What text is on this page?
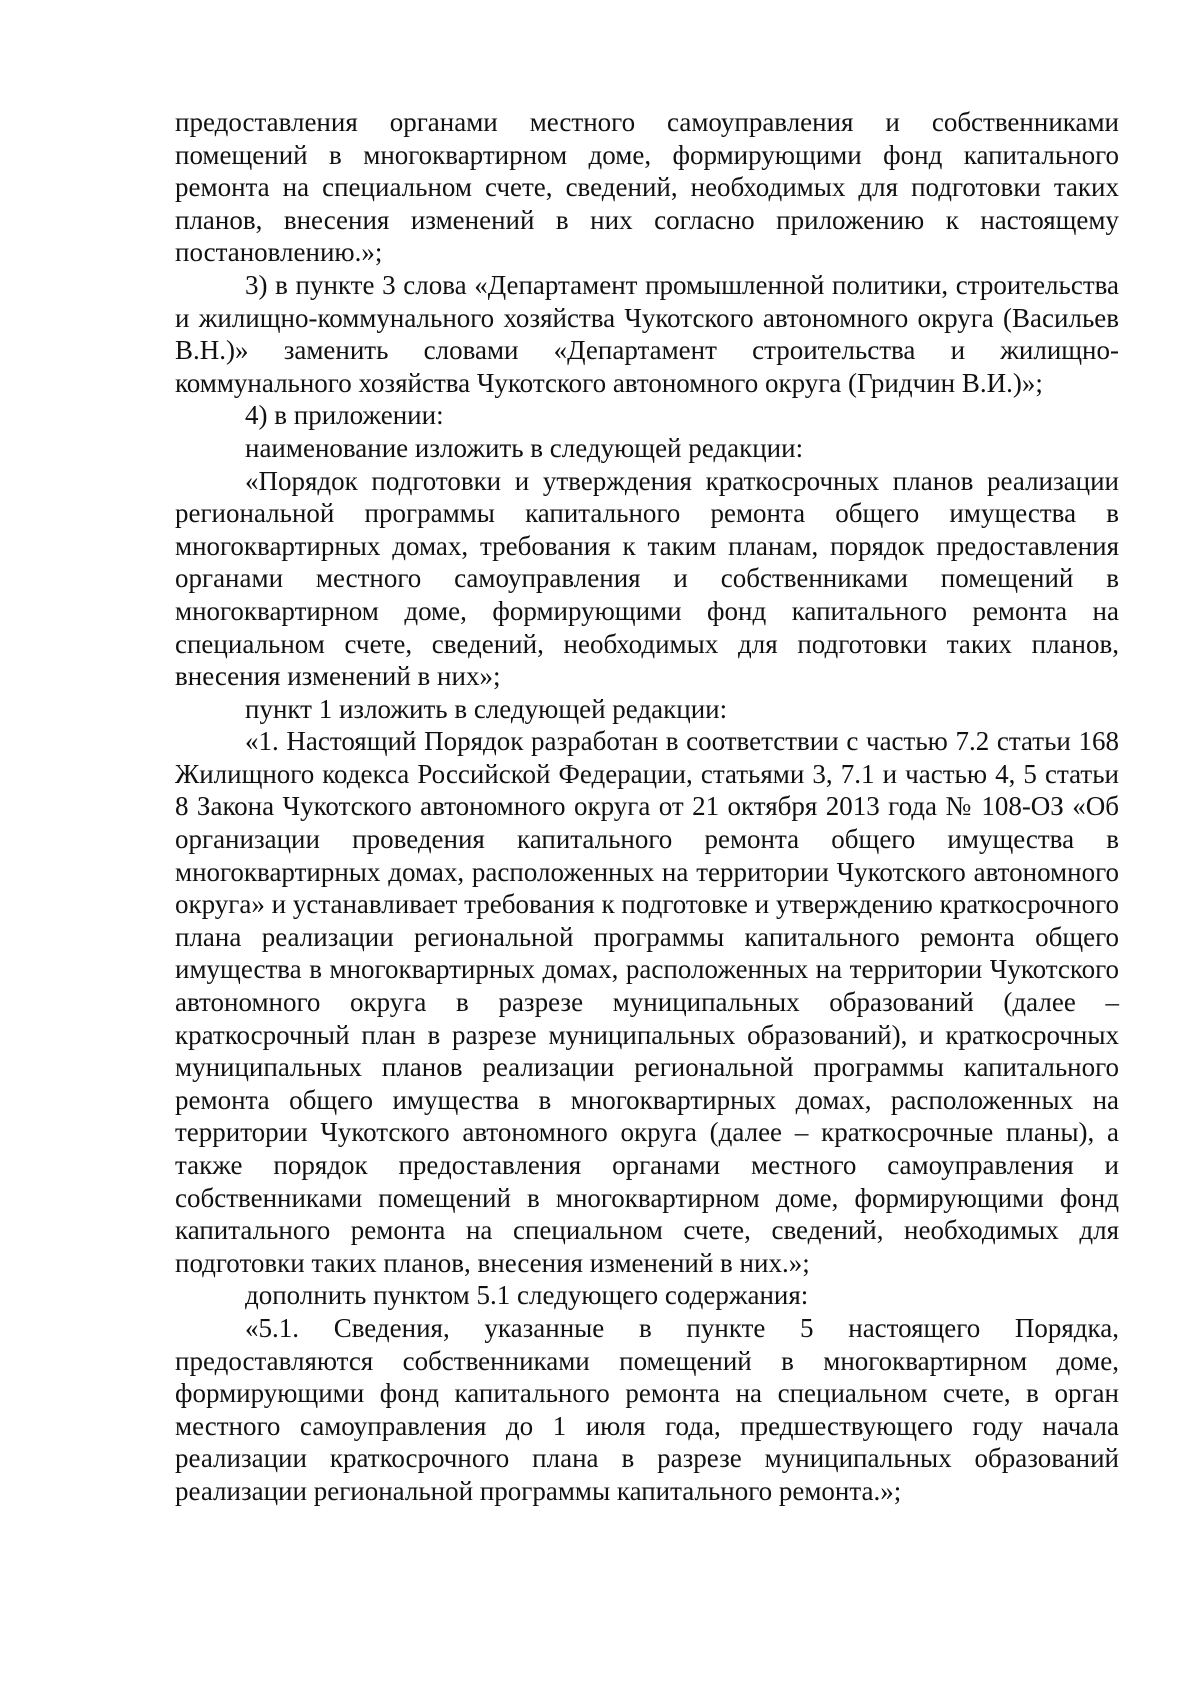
предоставления органами местного самоуправления и собственниками помещений в многоквартирном доме, формирующими фонд капитального ремонта на специальном счете, сведений, необходимых для подготовки таких планов, внесения изменений в них согласно приложению к настоящему постановлению.»;

3) в пункте 3 слова «Департамент промышленной политики, строительства и жилищно-коммунального хозяйства Чукотского автономного округа (Васильев В.Н.)» заменить словами «Департамент строительства и жилищно-коммунального хозяйства Чукотского автономного округа (Гридчин В.И.)»;

4) в приложении:

наименование изложить в следующей редакции:

«Порядок подготовки и утверждения краткосрочных планов реализации региональной программы капитального ремонта общего имущества в многоквартирных домах, требования к таким планам, порядок предоставления органами местного самоуправления и собственниками помещений в многоквартирном доме, формирующими фонд капитального ремонта на специальном счете, сведений, необходимых для подготовки таких планов, внесения изменений в них»;

пункт 1 изложить в следующей редакции:

«1. Настоящий Порядок разработан в соответствии с частью 7.2 статьи 168 Жилищного кодекса Российской Федерации, статьями 3, 7.1 и частью 4, 5 статьи 8 Закона Чукотского автономного округа от 21 октября 2013 года № 108-ОЗ «Об организации проведения капитального ремонта общего имущества в многоквартирных домах, расположенных на территории Чукотского автономного округа» и устанавливает требования к подготовке и утверждению краткосрочного плана реализации региональной программы капитального ремонта общего имущества в многоквартирных домах, расположенных на территории Чукотского автономного округа в разрезе муниципальных образований (далее – краткосрочный план в разрезе муниципальных образований), и краткосрочных муниципальных планов реализации региональной программы капитального ремонта общего имущества в многоквартирных домах, расположенных на территории Чукотского автономного округа (далее – краткосрочные планы), а также порядок предоставления органами местного самоуправления и собственниками помещений в многоквартирном доме, формирующими фонд капитального ремонта на специальном счете, сведений, необходимых для подготовки таких планов, внесения изменений в них.»;

дополнить пунктом 5.1 следующего содержания:

«5.1. Сведения, указанные в пункте 5 настоящего Порядка, предоставляются собственниками помещений в многоквартирном доме, формирующими фонд капитального ремонта на специальном счете, в орган местного самоуправления до 1 июля года, предшествующего году начала реализации краткосрочного плана в разрезе муниципальных образований реализации региональной программы капитального ремонта.»;
